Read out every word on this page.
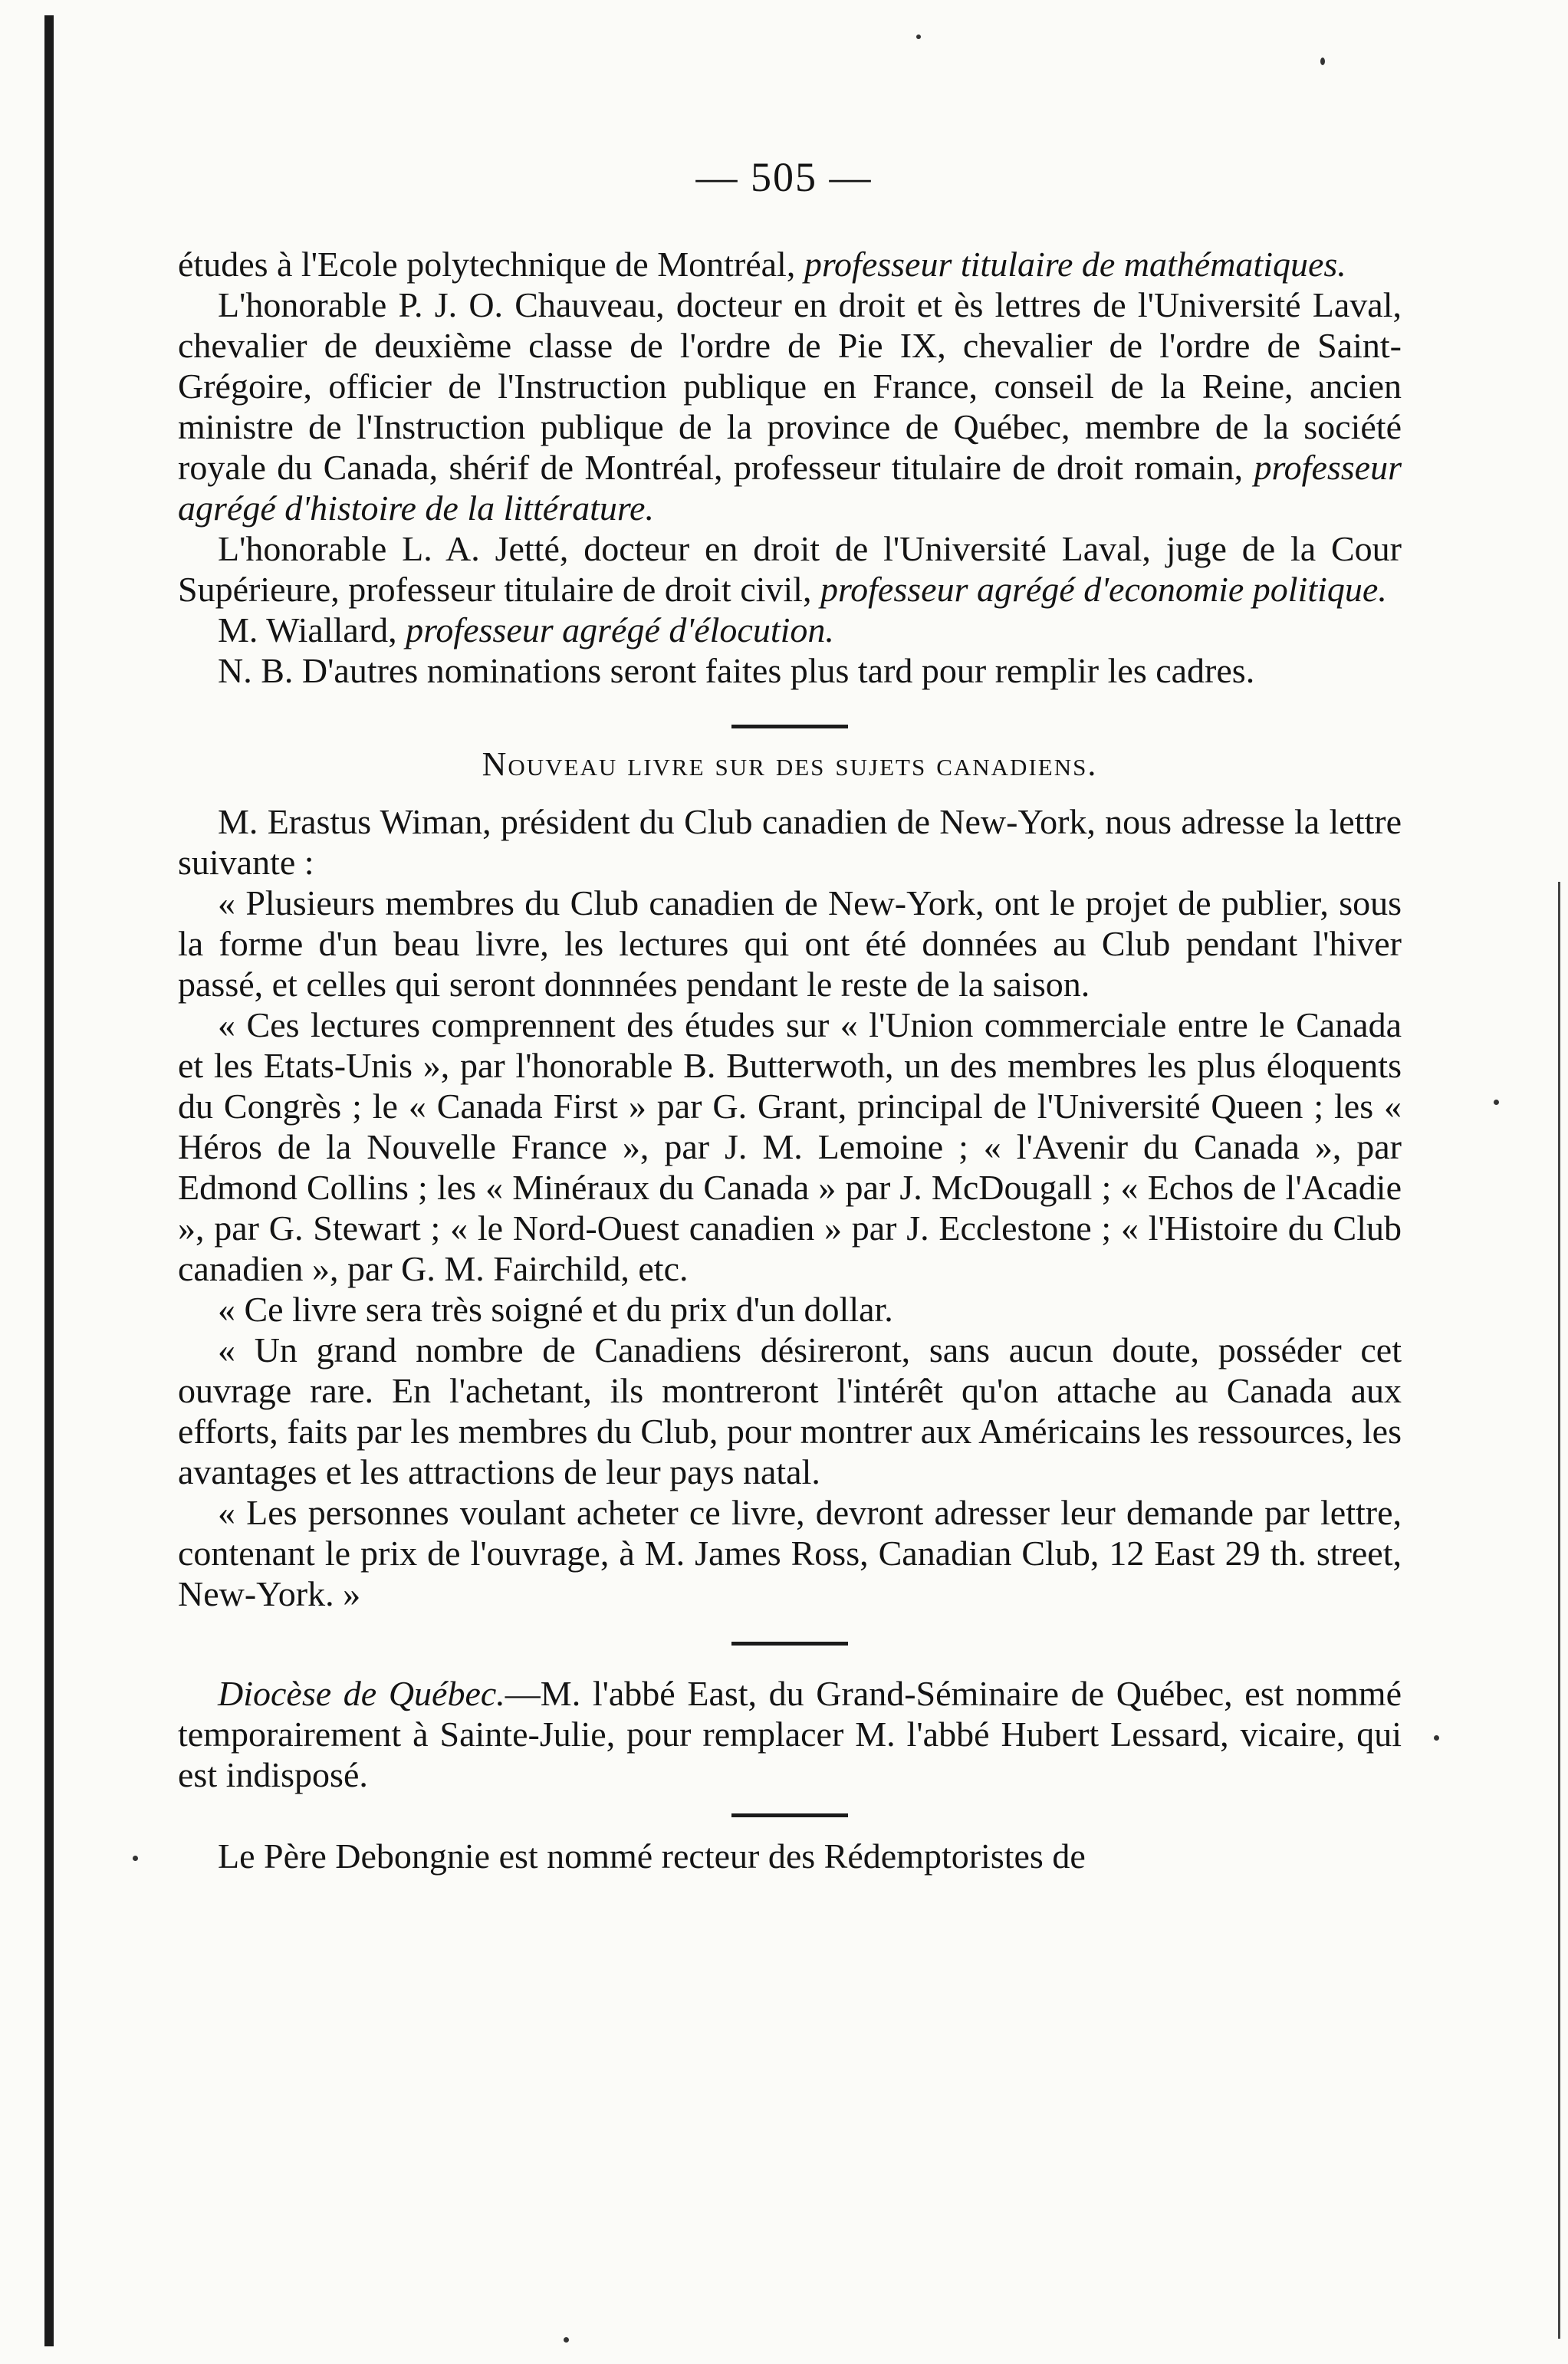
— 505 —

études à l'Ecole polytechnique de Montréal, professeur titulaire de mathématiques.

L'honorable P. J. O. Chauveau, docteur en droit et ès lettres de l'Université Laval, chevalier de deuxième classe de l'ordre de Pie IX, chevalier de l'ordre de Saint-Grégoire, officier de l'Instruction publique en France, conseil de la Reine, ancien ministre de l'Instruction publique de la province de Québec, membre de la société royale du Canada, shérif de Montréal, professeur titulaire de droit romain, professeur agrégé d'histoire de la littérature.

L'honorable L. A. Jetté, docteur en droit de l'Université Laval, juge de la Cour Supérieure, professeur titulaire de droit civil, professeur agrégé d'economie politique.

M. Wiallard, professeur agrégé d'élocution.

N. B. D'autres nominations seront faites plus tard pour remplir les cadres.

Nouveau livre sur des sujets canadiens.

M. Erastus Wiman, président du Club canadien de New-York, nous adresse la lettre suivante :

« Plusieurs membres du Club canadien de New-York, ont le projet de publier, sous la forme d'un beau livre, les lectures qui ont été données au Club pendant l'hiver passé, et celles qui seront donnnées pendant le reste de la saison.

« Ces lectures comprennent des études sur « l'Union commerciale entre le Canada et les Etats-Unis », par l'honorable B. Butterwoth, un des membres les plus éloquents du Congrès ; le « Canada First » par G. Grant, principal de l'Université Queen ; les « Héros de la Nouvelle France », par J. M. Lemoine ; « l'Avenir du Canada », par Edmond Collins ; les « Minéraux du Canada » par J. McDougall ; « Echos de l'Acadie », par G. Stewart ; « le Nord-Ouest canadien » par J. Ecclestone ; « l'Histoire du Club canadien », par G. M. Fairchild, etc.

« Ce livre sera très soigné et du prix d'un dollar.

« Un grand nombre de Canadiens désireront, sans aucun doute, posséder cet ouvrage rare. En l'achetant, ils montreront l'intérêt qu'on attache au Canada aux efforts, faits par les membres du Club, pour montrer aux Américains les ressources, les avantages et les attractions de leur pays natal.

« Les personnes voulant acheter ce livre, devront adresser leur demande par lettre, contenant le prix de l'ouvrage, à M. James Ross, Canadian Club, 12 East 29 th. street, New-York. »

Diocèse de Québec.—M. l'abbé East, du Grand-Séminaire de Québec, est nommé temporairement à Sainte-Julie, pour remplacer M. l'abbé Hubert Lessard, vicaire, qui est indisposé.

Le Père Debongnie est nommé recteur des Rédemptoristes de
